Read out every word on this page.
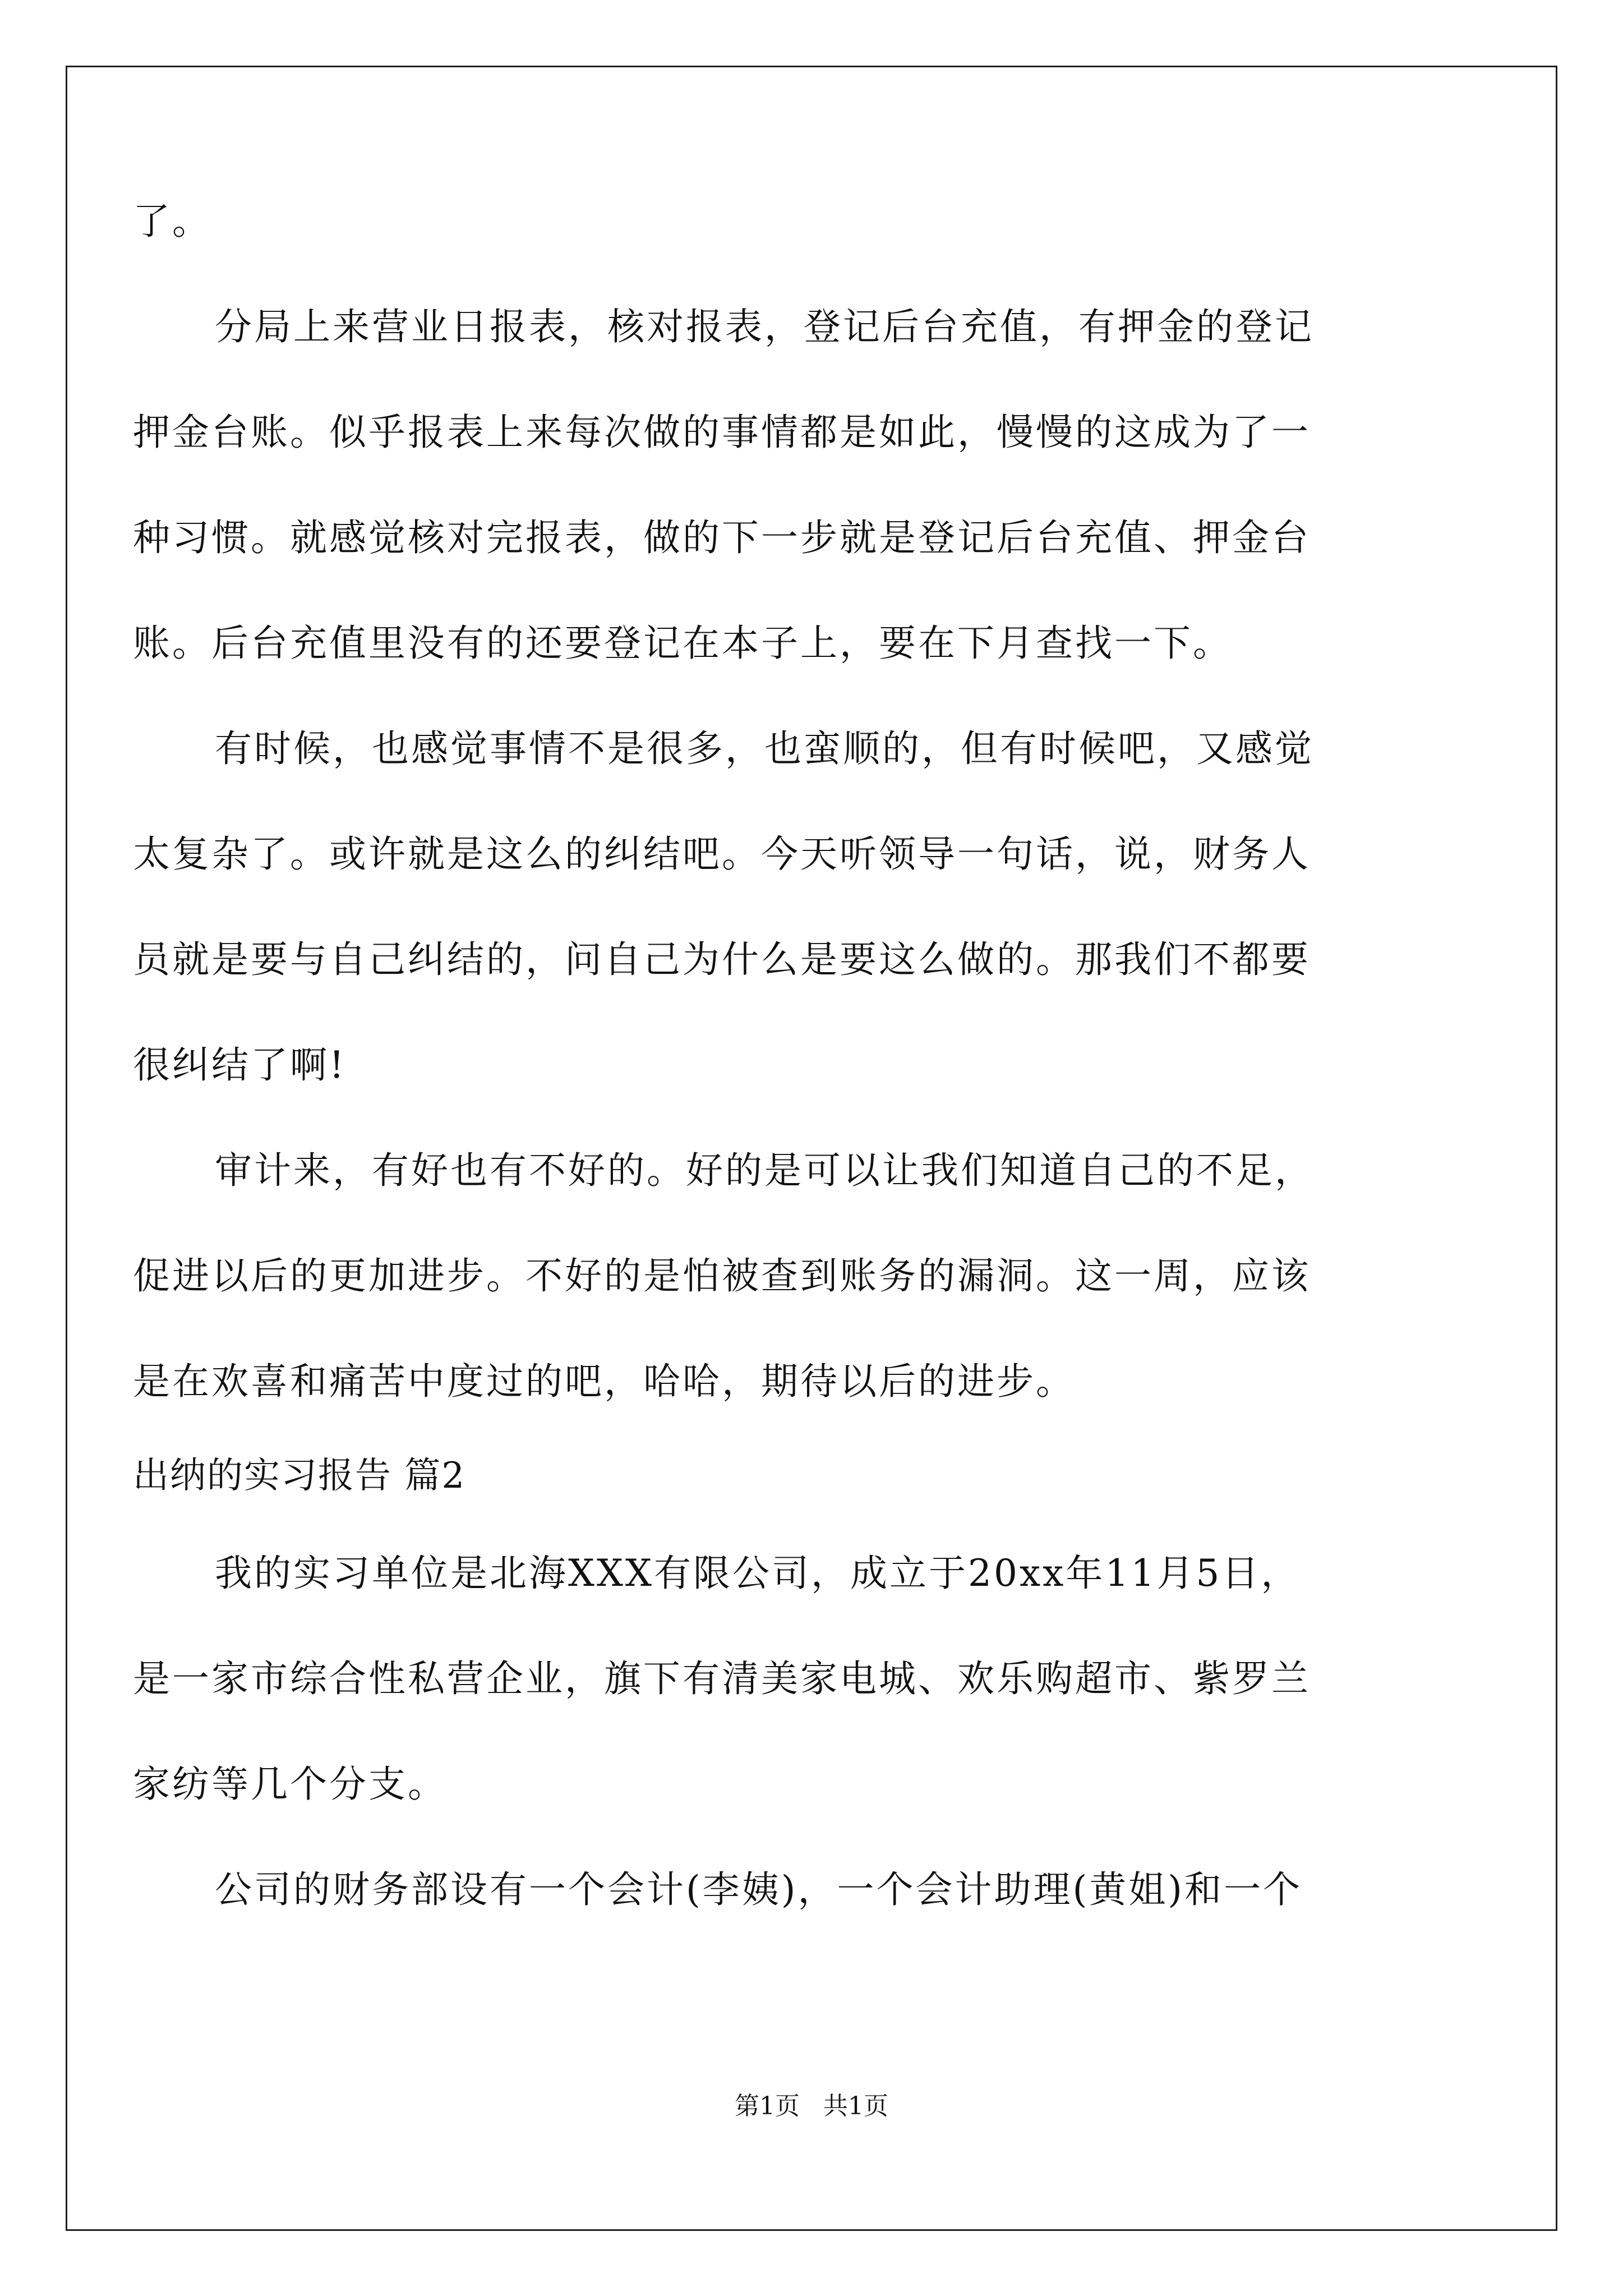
了。
分局上来营业日报表，核对报表，登记后台充值，有押金的登记
押金台账。似乎报表上来每次做的事情都是如此，慢慢的这成为了一
种习惯。就感觉核对完报表，做的下一步就是登记后台充值、押金台
账。后台充值里没有的还要登记在本子上，要在下月查找一下。
有时候，也感觉事情不是很多，也蛮顺的，但有时候吧，又感觉
太复杂了。或许就是这么的纠结吧。今天听领导一句话，说，财务人
员就是要与自己纠结的，问自己为什么是要这么做的。那我们不都要
很纠结了啊!
审计来，有好也有不好的。好的是可以让我们知道自己的不足，
促进以后的更加进步。不好的是怕被查到账务的漏洞。这一周，应该
是在欢喜和痛苦中度过的吧，哈哈，期待以后的进步。
出纳的实习报告 篇2
我的实习单位是北海XXX有限公司，成立于20xx年11月5日，
是一家市综合性私营企业，旗下有清美家电城、欢乐购超市、紫罗兰
家纺等几个分支。
公司的财务部设有一个会计(李姨)，一个会计助理(黄姐)和一个
第1页 共1页
